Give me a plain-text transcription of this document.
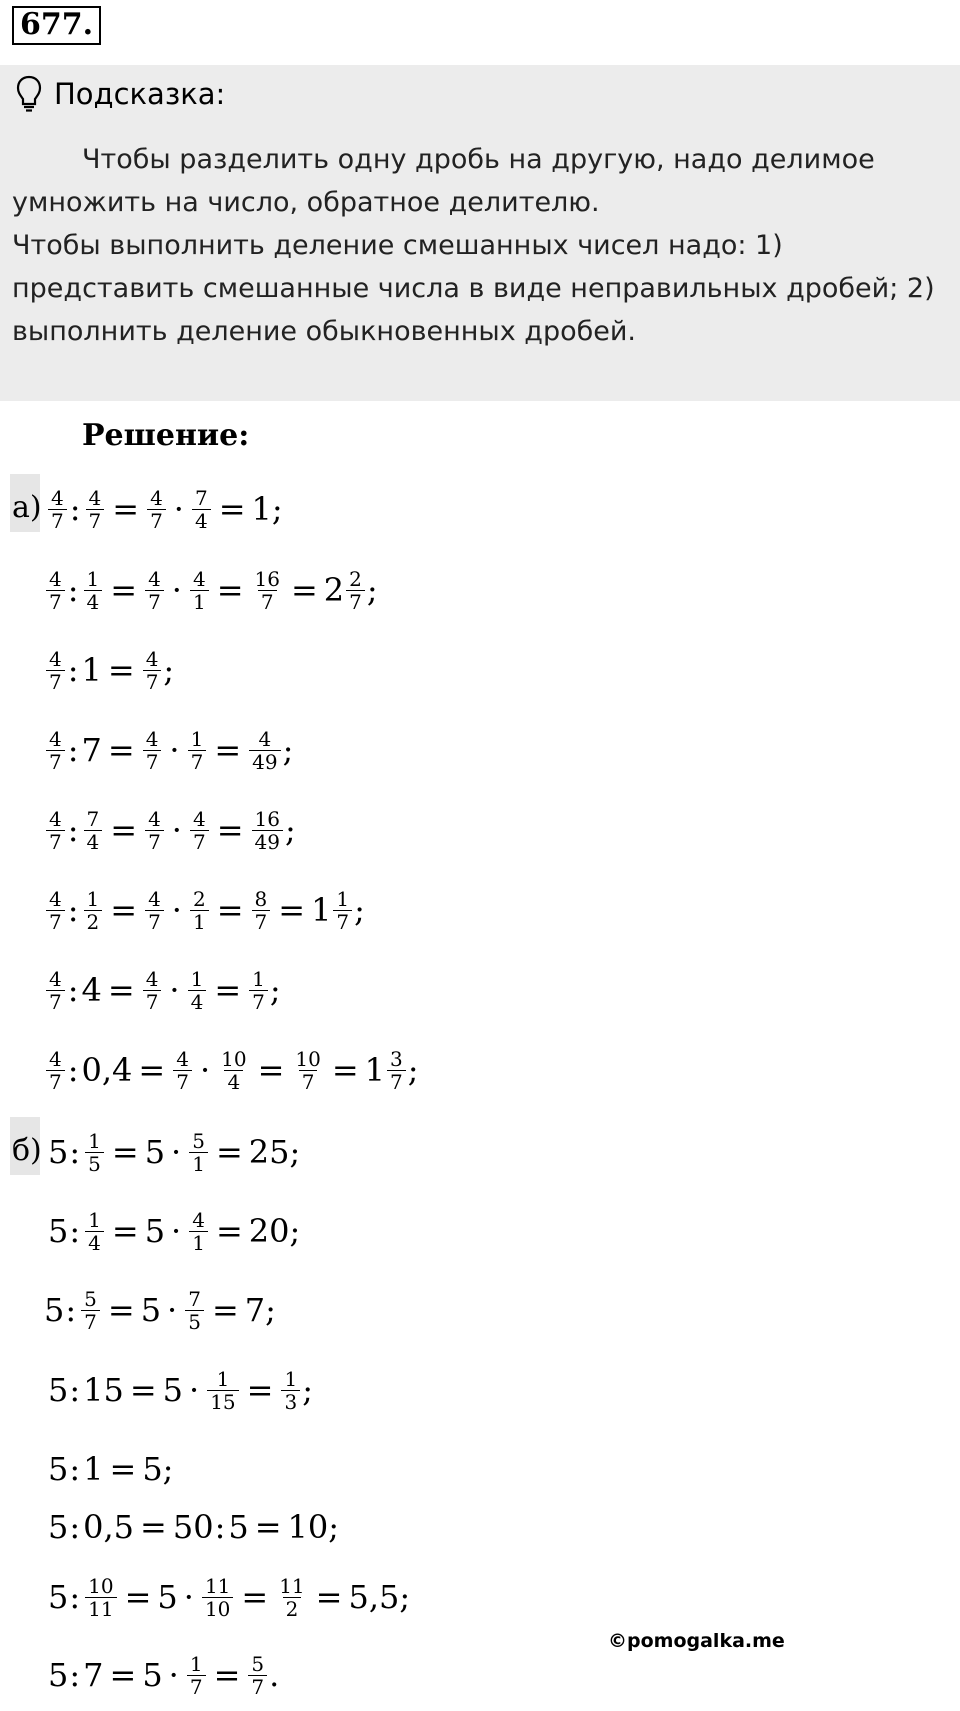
677.
Подсказка:

Чтобы разделить одну дробь на другую, надо делимое умножить на число, обратное делителю.

Чтобы выполнить деление смешанных чисел надо: 1) представить смешанные числа в виде неправильных дробей; 2) выполнить деление обыкновенных дробей.

Решение:
а)
б)
©pomogalka.me
$\frac{4}{7}$ : $\frac{4}{7} = \frac{4}{7} \cdot \frac{7}{4} = 1$;
$\frac{4}{7}$ : $\frac{1}{4} = \frac{4}{7} \cdot \frac{4}{1} = \frac{16}{7} = 2 \frac{2}{7}$ ;
$\frac{4}{7}$ : $1 = \frac{4}{7}$ ;
$\frac{4}{7}$ : $7 = \frac{4}{7} \cdot \frac{1}{7} = \frac{4}{49}$ ;
$\frac{4}{7}$ : $\frac{7}{4} = \frac{4}{7} \cdot \frac{4}{7} = \frac{16}{49}$ ;
$\frac{4}{7}$ : $\frac{1}{2} = \frac{4}{7} \cdot \frac{2}{1} = \frac{8}{7} = 1 \frac{1}{7}$ ;
$\frac{4}{7}$ : $4 = \frac{4}{7} \cdot \frac{1}{4} = \frac{1}{7}$ ;
$\frac{4}{7}$ : $0,4 = \frac{4}{7} \cdot \frac{10}{4} = \frac{10}{7} = 1 \frac{3}{7}$ ;
5 : $\frac{1}{5} = 5 \cdot \frac{5}{1} = 25$;
5 : $\frac{1}{4} = 5 \cdot \frac{4}{1} = 20$;
5 : $\frac{5}{7} = 5 \cdot \frac{7}{5} = 7$;
5 : $15 = 5 \cdot \frac{1}{15} = \frac{1}{3}$ ;
5 : 1 = 5;
5 : 0,5 = 50 : 5 = 10;
5 : $\frac{10}{11} = 5 \cdot \frac{11}{10} = \frac{11}{2} = 5,5$;
5 : $7 = 5 \cdot \frac{1}{7} = \frac{5}{7}$ .
